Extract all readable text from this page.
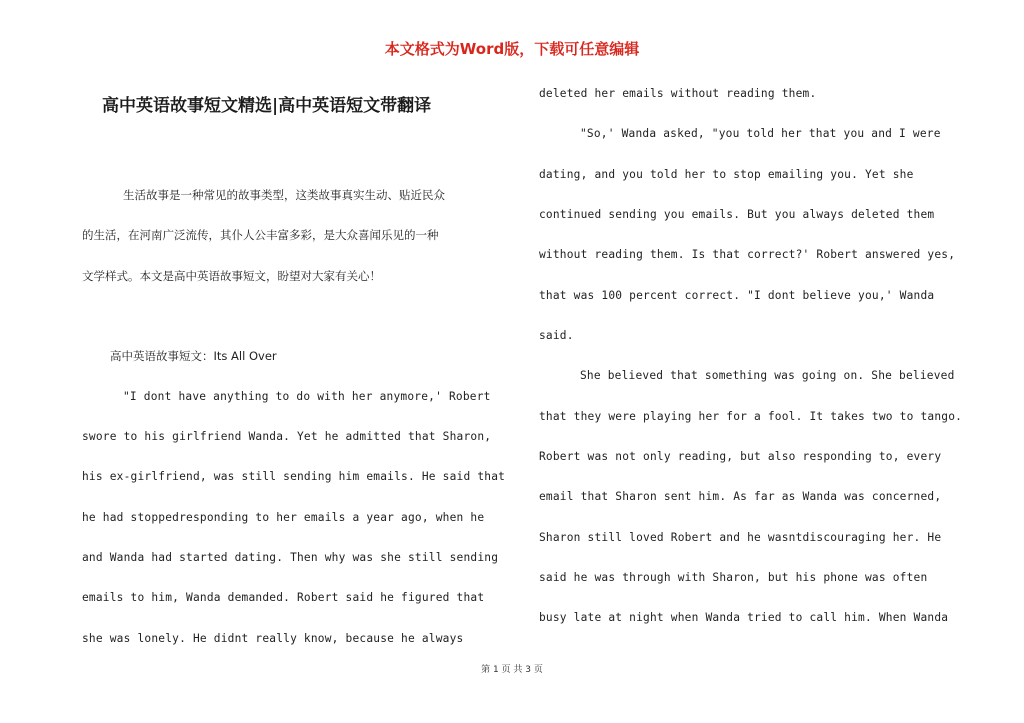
本文格式为Word版，下载可任意编辑
高中英语故事短文精选|高中英语短文带翻译
生活故事是一种常见的故事类型，这类故事真实生动、贴近民众
的生活，在河南广泛流传，其仆人公丰富多彩，是大众喜闻乐见的一种
文学样式。本文是高中英语故事短文，盼望对大家有关心！
高中英语故事短文：Its All Over
"I dont have anything to do with her anymore,' Robert
swore to his girlfriend Wanda. Yet he admitted that Sharon,
his ex-girlfriend, was still sending him emails. He said that
he had stoppedresponding to her emails a year ago, when he
and Wanda had started dating. Then why was she still sending
emails to him, Wanda demanded. Robert said he figured that
she was lonely. He didnt really know, because he always
deleted her emails without reading them.
"So,' Wanda asked, "you told her that you and I were
dating, and you told her to stop emailing you. Yet she
continued sending you emails. But you always deleted them
without reading them. Is that correct?' Robert answered yes,
that was 100 percent correct. "I dont believe you,' Wanda
said.
She believed that something was going on. She believed
that they were playing her for a fool. It takes two to tango.
Robert was not only reading, but also responding to, every
email that Sharon sent him. As far as Wanda was concerned,
Sharon still loved Robert and he wasntdiscouraging her. He
said he was through with Sharon, but his phone was often
busy late at night when Wanda tried to call him. When Wanda
第 1 页 共 3 页
